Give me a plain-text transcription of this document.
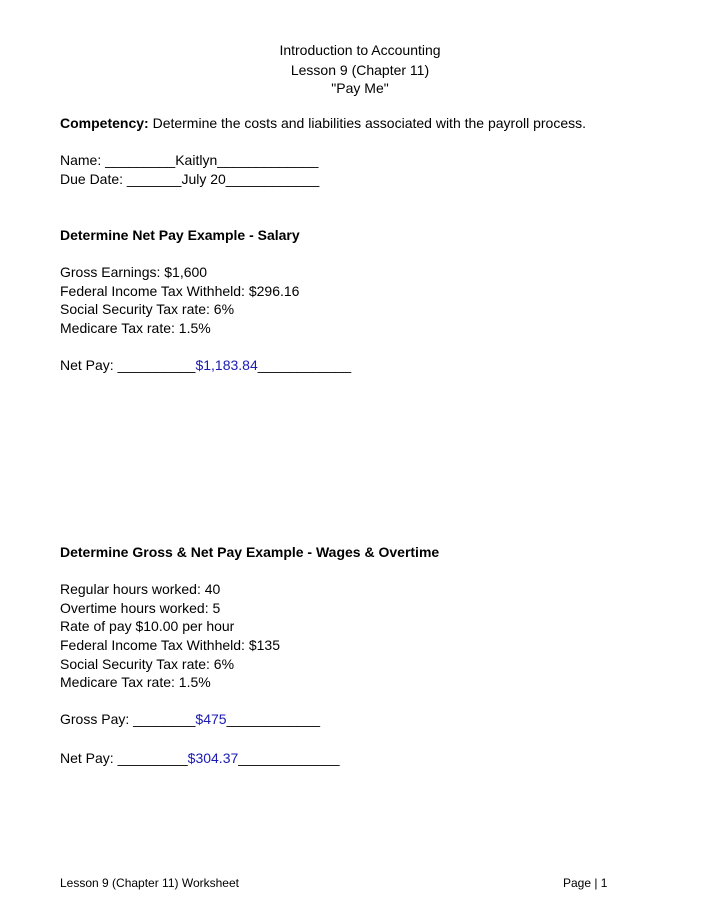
Introduction to Accounting
Lesson 9 (Chapter 11)
"Pay Me"
Competency: Determine the costs and liabilities associated with the payroll process.
Name: _________Kaitlyn_____________
Due Date: _______July 20____________
Determine Net Pay Example - Salary
Gross Earnings: $1,600
Federal Income Tax Withheld: $296.16
Social Security Tax rate: 6%
Medicare Tax rate: 1.5%
Net Pay: __________$1,183.84____________
Determine Gross & Net Pay Example - Wages & Overtime
Regular hours worked: 40
Overtime hours worked: 5
Rate of pay $10.00 per hour
Federal Income Tax Withheld: $135
Social Security Tax rate: 6%
Medicare Tax rate: 1.5%
Gross Pay: ________$475____________
Net Pay: _________$304.37_____________
Lesson 9 (Chapter 11) Worksheet	Page | 1
